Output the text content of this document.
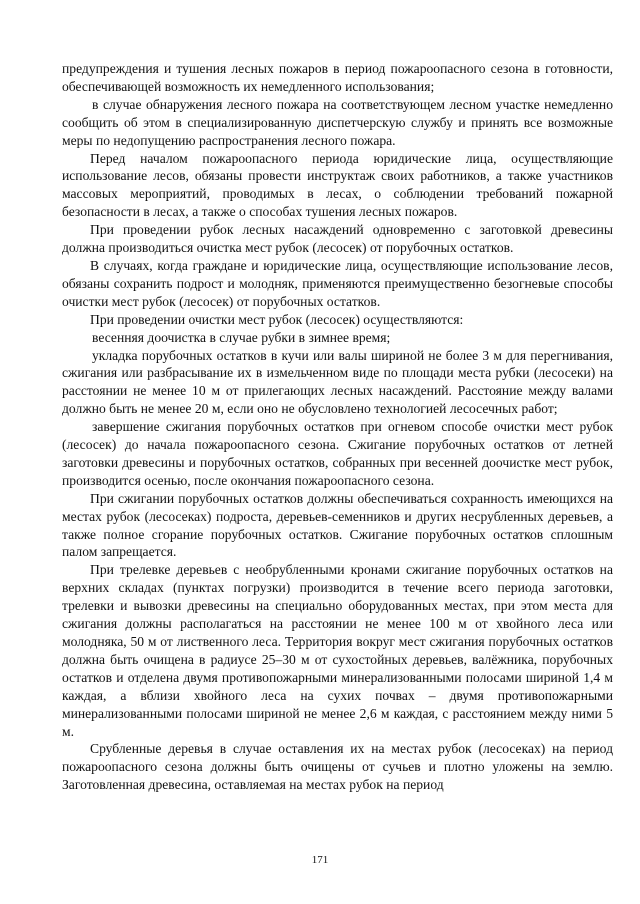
предупреждения и тушения лесных пожаров в период пожароопасного сезона в готовности, обеспечивающей возможность их немедленного использования;

в случае обнаружения лесного пожара на соответствующем лесном участке немедленно сообщить об этом в специализированную диспетчерскую службу и принять все возможные меры по недопущению распространения лесного пожара.

Перед началом пожароопасного периода юридические лица, осуществляющие использование лесов, обязаны провести инструктаж своих работников, а также участников массовых мероприятий, проводимых в лесах, о соблюдении требований пожарной безопасности в лесах, а также о способах тушения лесных пожаров.

При проведении рубок лесных насаждений одновременно с заготовкой древесины должна производиться очистка мест рубок (лесосек) от порубочных остатков.

В случаях, когда граждане и юридические лица, осуществляющие использование лесов, обязаны сохранить подрост и молодняк, применяются преимущественно безогневые способы очистки мест рубок (лесосек) от порубочных остатков.

При проведении очистки мест рубок (лесосек) осуществляются:

весенняя доочистка в случае рубки в зимнее время;

укладка порубочных остатков в кучи или валы шириной не более 3 м для перегнивания, сжигания или разбрасывание их в измельченном виде по площади места рубки (лесосеки) на расстоянии не менее 10 м от прилегающих лесных насаждений. Расстояние между валами должно быть не менее 20 м, если оно не обусловлено технологией лесосечных работ;

завершение сжигания порубочных остатков при огневом способе очистки мест рубок (лесосек) до начала пожароопасного сезона. Сжигание порубочных остатков от летней заготовки древесины и порубочных остатков, собранных при весенней доочистке мест рубок, производится осенью, после окончания пожароопасного сезона.

При сжигании порубочных остатков должны обеспечиваться сохранность имеющихся на местах рубок (лесосеках) подроста, деревьев-семенников и других несрубленных деревьев, а также полное сгорание порубочных остатков. Сжигание порубочных остатков сплошным палом запрещается.

При трелевке деревьев с необрубленными кронами сжигание порубочных остатков на верхних складах (пунктах погрузки) производится в течение всего периода заготовки, трелевки и вывозки древесины на специально оборудованных местах, при этом места для сжигания должны располагаться на расстоянии не менее 100 м от хвойного леса или молодняка, 50 м от лиственного леса. Территория вокруг мест сжигания порубочных остатков должна быть очищена в радиусе 25–30 м от сухостойных деревьев, валёжника, порубочных остатков и отделена двумя противопожарными минерализованными полосами шириной 1,4 м каждая, а вблизи хвойного леса на сухих почвах – двумя противопожарными минерализованными полосами шириной не менее 2,6 м каждая, с расстоянием между ними 5 м.

Срубленные деревья в случае оставления их на местах рубок (лесосеках) на период пожароопасного сезона должны быть очищены от сучьев и плотно уложены на землю. Заготовленная древесина, оставляемая на местах рубок на период

171
